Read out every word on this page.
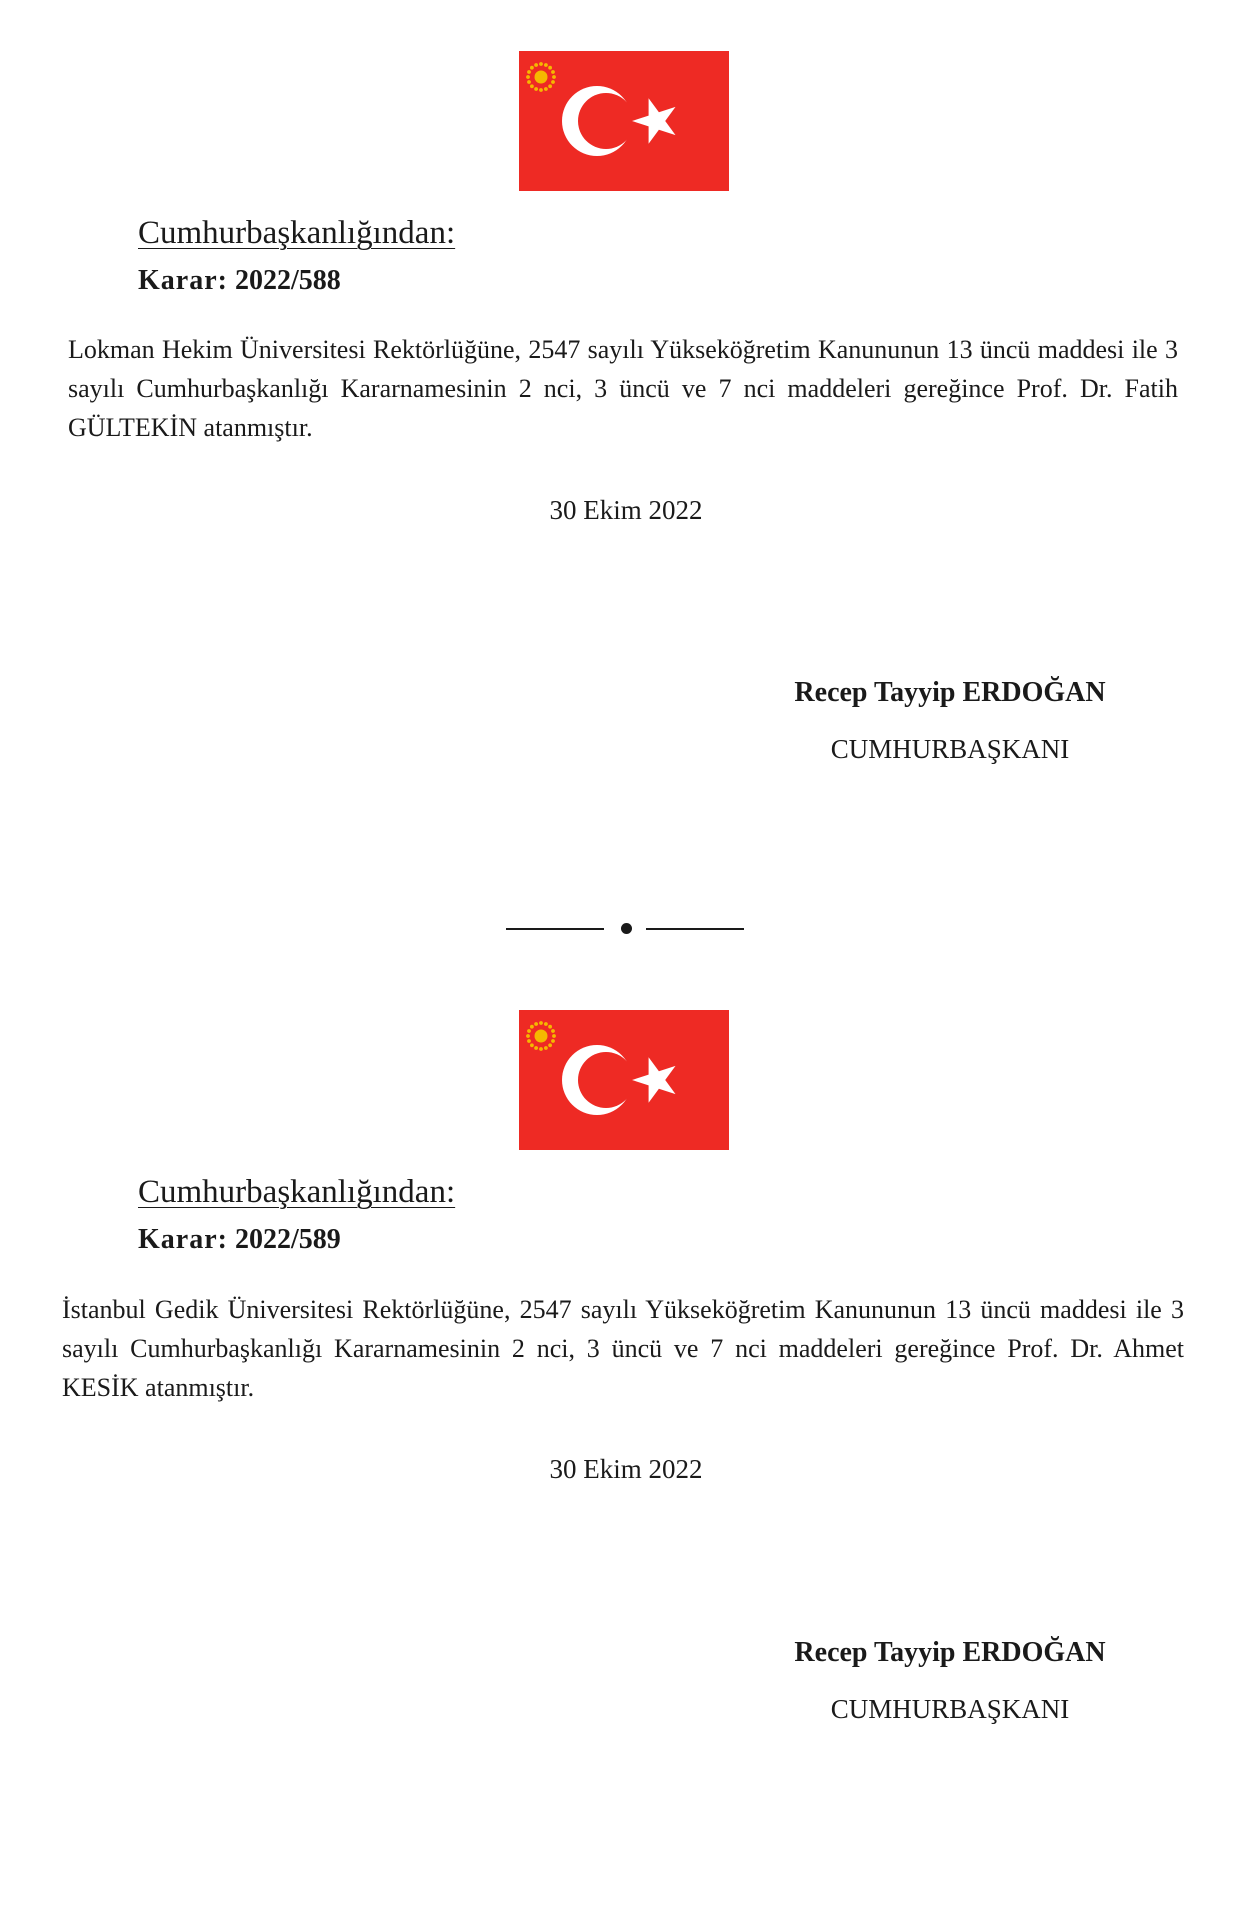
Cumhurbaşkanlığından:
Karar: 2022/588

Lokman Hekim Üniversitesi Rektörlüğüne, 2547 sayılı Yükseköğretim Kanununun 13 üncü maddesi ile 3 sayılı Cumhurbaşkanlığı Kararnamesinin 2 nci, 3 üncü ve 7 nci maddeleri gereğince Prof. Dr. Fatih GÜLTEKİN atanmıştır.

30 Ekim 2022
Recep Tayyip ERDOĞAN
CUMHURBAŞKANI
Cumhurbaşkanlığından:
Karar: 2022/589

İstanbul Gedik Üniversitesi Rektörlüğüne, 2547 sayılı Yükseköğretim Kanununun 13 üncü maddesi ile 3 sayılı Cumhurbaşkanlığı Kararnamesinin 2 nci, 3 üncü ve 7 nci maddeleri gereğince Prof. Dr. Ahmet KESİK atanmıştır.

30 Ekim 2022
Recep Tayyip ERDOĞAN
CUMHURBAŞKANI
